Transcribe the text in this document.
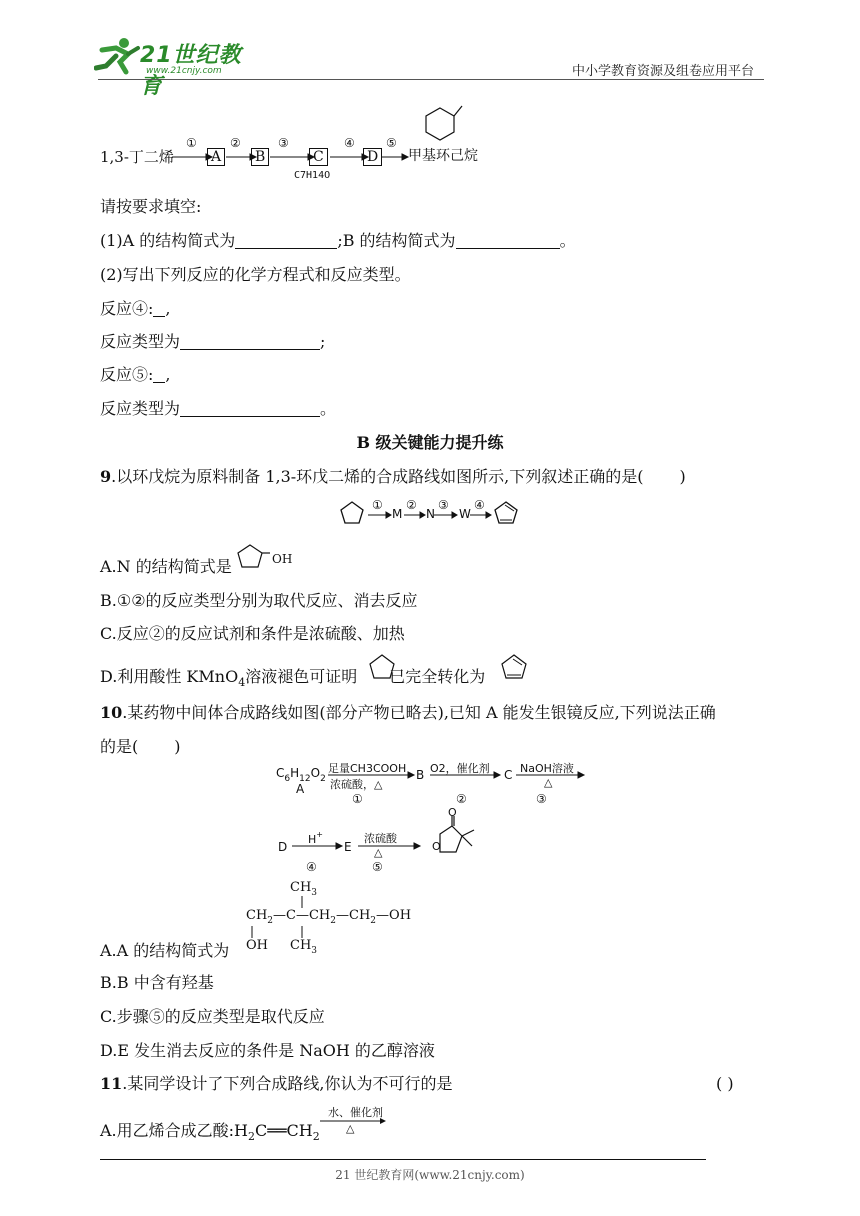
21世纪教育
www.21cnjy.com	中小学教育资源及组卷应用平台
1,3-丁二烯
①	②	③	④	⑤
A B	C
C7H14O
D 甲基环己烷
请按要求填空:
(1)A 的结构简式为	;B 的结构简式为	。
(2)写出下列反应的化学方程式和反应类型。
反应④: ,
反应类型为	;
反应⑤: ,
反应类型为	。
B 级关键能力提升练
9.以环戊烷为原料制备 1,3-环戊二烯的合成路线如图所示,下列叙述正确的是( )
①
M
②
N
③
W
④
A.N 的结构简式是	OH
B.①②的反应类型分别为取代反应、消去反应
C.反应②的反应试剂和条件是浓硫酸、加热
D.利用酸性 KMnO$_4$溶液褪色可证明 已完全转化为
10.某药物中间体合成路线如图(部分产物已略去),已知 A 能发生银镜反应,下列说法正确
的是( )
$C_6H_{12}O_2$
A
足量CH3COOH
浓硫酸，△
①
B O2，催化剂
②
C NaOH溶液
△
③
D
H+
④
E
浓硫酸
△
⑤
O
O
A.A 的结构简式为
$CH_3$
$CH_2—C—CH_2—CH_2—OH$
OH $CH_3$
B.B 中含有羟基
C.步骤⑤的反应类型是取代反应
D.E 发生消去反应的条件是 NaOH 的乙醇溶液
11.某同学设计了下列合成路线,你认为不可行的是	( )
A.用乙烯合成乙酸$:H_2C══CH_2$
水、催化剂
△
21 世纪教育网(www.21cnjy.com)
